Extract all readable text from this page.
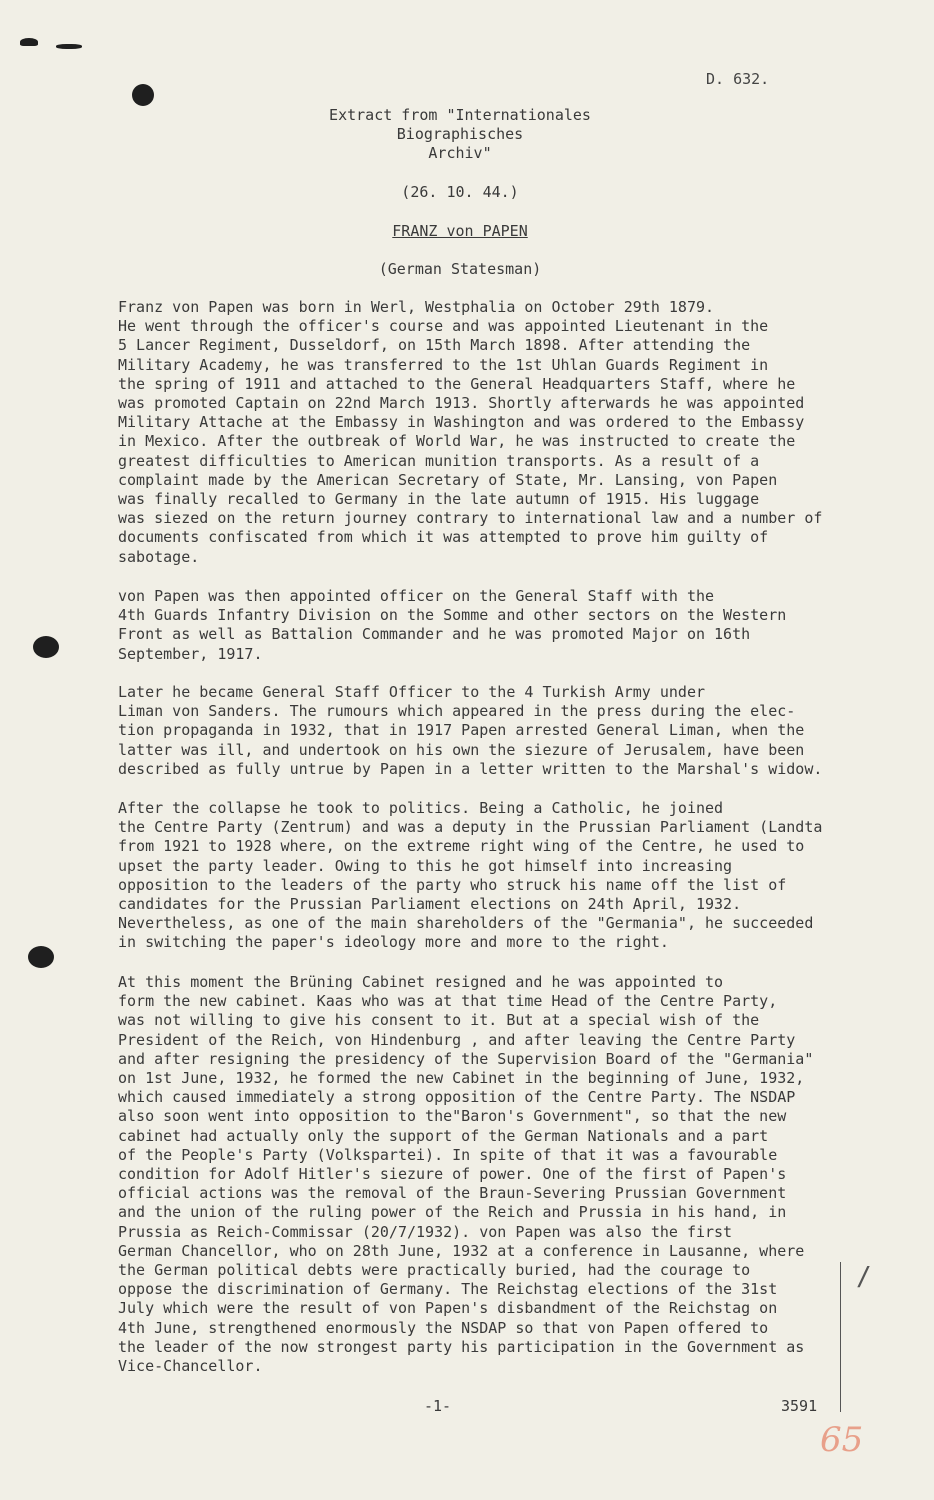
D. 632.
Extract from "Internationales
Biographisches
Archiv"
(26. 10. 44.)
FRANZ von PAPEN
(German Statesman)
Franz von Papen was born in Werl, Westphalia on October 29th 1879.
He went through the officer's course and was appointed Lieutenant in the
5 Lancer Regiment, Dusseldorf, on 15th March 1898. After attending the
Military Academy, he was transferred to the 1st Uhlan Guards Regiment in
the spring of 1911 and attached to the General Headquarters Staff, where he
was promoted Captain on 22nd March 1913. Shortly afterwards he was appointed
Military Attache at the Embassy in Washington and was ordered to the Embassy
in Mexico. After the outbreak of World War, he was instructed to create the
greatest difficulties to American munition transports. As a result of a
complaint made by the American Secretary of State, Mr. Lansing, von Papen
was finally recalled to Germany in the late autumn of 1915. His luggage
was siezed on the return journey contrary to international law and a number of
documents confiscated from which it was attempted to prove him guilty of
sabotage.
von Papen was then appointed officer on the General Staff with the
4th Guards Infantry Division on the Somme and other sectors on the Western
Front as well as Battalion Commander and he was promoted Major on 16th
September, 1917.
Later he became General Staff Officer to the 4 Turkish Army under
Liman von Sanders. The rumours which appeared in the press during the elec-
tion propaganda in 1932, that in 1917 Papen arrested General Liman, when the
latter was ill, and undertook on his own the siezure of Jerusalem, have been
described as fully untrue by Papen in a letter written to the Marshal's widow.
After the collapse he took to politics. Being a Catholic, he joined
the Centre Party (Zentrum) and was a deputy in the Prussian Parliament (Landta
from 1921 to 1928 where, on the extreme right wing of the Centre, he used to
upset the party leader. Owing to this he got himself into increasing
opposition to the leaders of the party who struck his name off the list of
candidates for the Prussian Parliament elections on 24th April, 1932.
Nevertheless, as one of the main shareholders of the "Germania", he succeeded
in switching the paper's ideology more and more to the right.
At this moment the Brüning Cabinet resigned and he was appointed to
form the new cabinet. Kaas who was at that time Head of the Centre Party,
was not willing to give his consent to it. But at a special wish of the
President of the Reich, von Hindenburg , and after leaving the Centre Party
and after resigning the presidency of the Supervision Board of the "Germania"
on 1st June, 1932, he formed the new Cabinet in the beginning of June, 1932,
which caused immediately a strong opposition of the Centre Party. The NSDAP
also soon went into opposition to the"Baron's Government", so that the new
cabinet had actually only the support of the German Nationals and a part
of the People's Party (Volkspartei). In spite of that it was a favourable
condition for Adolf Hitler's siezure of power. One of the first of Papen's
official actions was the removal of the Braun-Severing Prussian Government
and the union of the ruling power of the Reich and Prussia in his hand, in
Prussia as Reich-Commissar (20/7/1932). von Papen was also the first
German Chancellor, who on 28th June, 1932 at a conference in Lausanne, where
the German political debts were practically buried, had the courage to
oppose the discrimination of Germany. The Reichstag elections of the 31st
July which were the result of von Papen's disbandment of the Reichstag on
4th June, strengthened enormously the NSDAP so that von Papen offered to
the leader of the now strongest party his participation in the Government as
Vice-Chancellor.
/
-1-	3591
65
